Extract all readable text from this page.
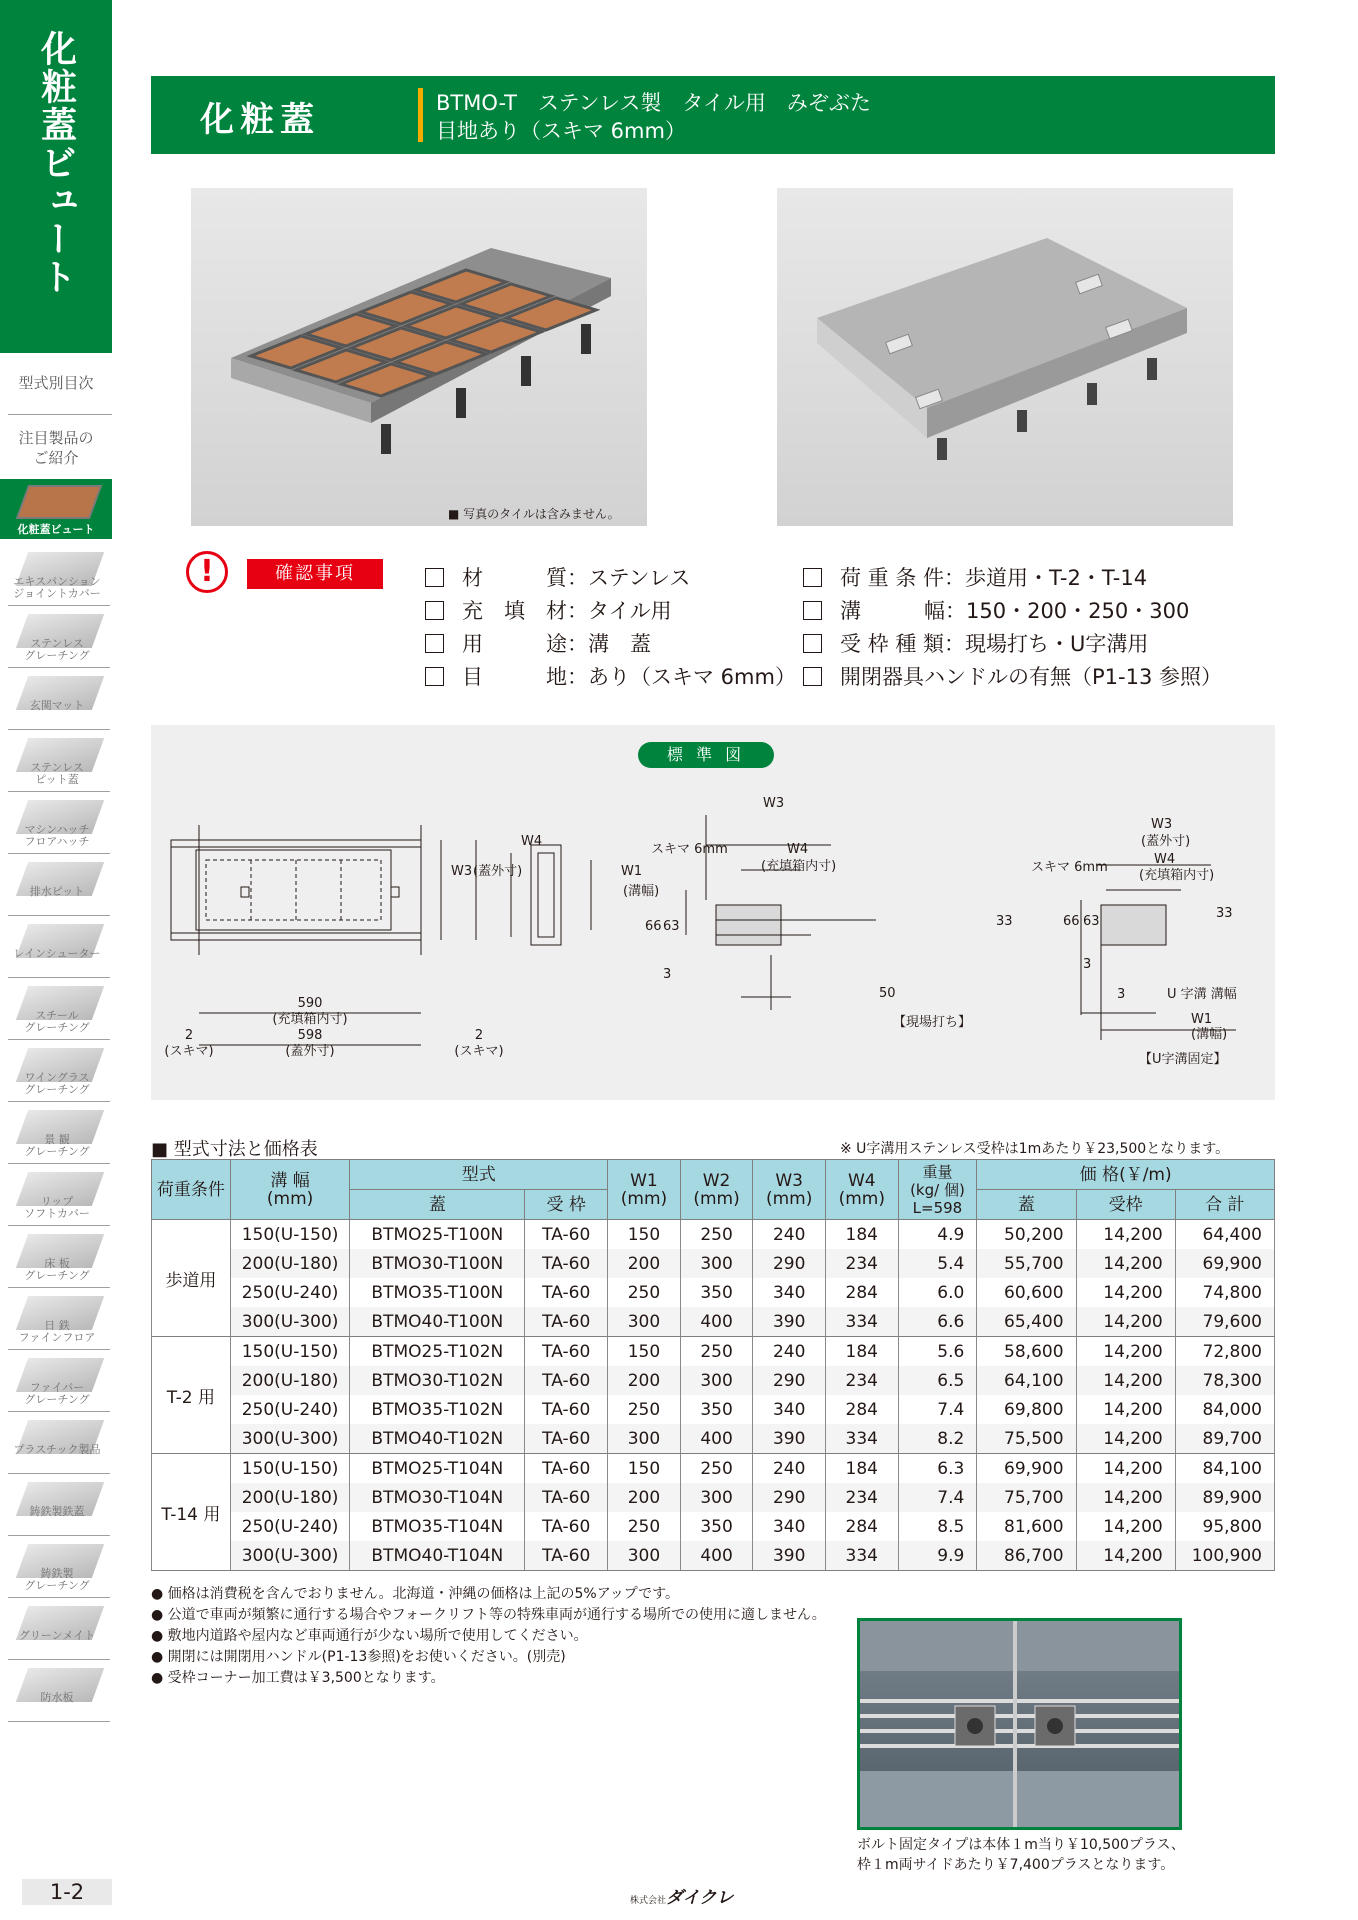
化粧蓋ビュート
型式別目次
注目製品の
ご紹介
化粧蓋ビュート
エキスパンション
ジョイントカバー
ステンレス
グレーチング
玄関マット
ステンレス
ピット蓋
マシンハッチ
フロアハッチ
排水ピット
レインシューター
スチール
グレーチング
ワイングラス
グレーチング
景 観
グレーチング
リップ
ソフトカバー
床 板
グレーチング
日 鉄
ファインフロア
ファイバー
グレーチング
プラスチック製品
鋳鉄製鉄蓋
鋳鉄製
グレーチング
グリーンメイト
防水板
化粧蓋	BTMO-T　ステンレス製　タイル用　みぞぶた
目地あり（スキマ 6mm）
■ 写真のタイルは含みません。
!	確認事項	材　　　質：ステンレス
充　填　材：タイル用
用　　　途：溝　蓋
目　　　地：あり（スキマ 6mm）
荷 重 条 件：歩道用・T-2・T-14
溝　　　幅：150・200・250・300
受 枠 種 類：現場打ち・U字溝用
開閉器具ハンドルの有無（P1-13 参照）
590
(充填箱内寸)
598
(蓋外寸)
2
(スキマ)
2
(スキマ)
W3 (蓋外寸)
W4
W1
(溝幅)
スキマ 6mm
W3
W4
(充填箱内寸)
66 63	33
3
50
【現場打ち】
スキマ 6mm
W3
(蓋外寸)
W4
(充填箱内寸)
66 63
33
3
3	U 字溝 溝幅
W1
(溝幅)
【U字溝固定】
標 準 図
■ 型式寸法と価格表	※ U字溝用ステンレス受枠は1mあたり￥23,500となります。
荷重条件	溝 幅
(mm)	型式		W1
(mm)	W2
(mm)	W3
(mm)	W4
(mm)	重量
(kg/ 個)
L=598	価 格(￥/m)		
		蓋	受 枠						蓋	受枠	合 計
歩道用	150(U-150)	BTMO25-T100N	TA-60	150	250	240	184	4.9	50,200	14,200	64,400
	200(U-180)	BTMO30-T100N	TA-60	200	300	290	234	5.4	55,700	14,200	69,900
	250(U-240)	BTMO35-T100N	TA-60	250	350	340	284	6.0	60,600	14,200	74,800
	300(U-300)	BTMO40-T100N	TA-60	300	400	390	334	6.6	65,400	14,200	79,600
T-2 用	150(U-150)	BTMO25-T102N	TA-60	150	250	240	184	5.6	58,600	14,200	72,800
	200(U-180)	BTMO30-T102N	TA-60	200	300	290	234	6.5	64,100	14,200	78,300
	250(U-240)	BTMO35-T102N	TA-60	250	350	340	284	7.4	69,800	14,200	84,000
	300(U-300)	BTMO40-T102N	TA-60	300	400	390	334	8.2	75,500	14,200	89,700
T-14 用	150(U-150)	BTMO25-T104N	TA-60	150	250	240	184	6.3	69,900	14,200	84,100
	200(U-180)	BTMO30-T104N	TA-60	200	300	290	234	7.4	75,700	14,200	89,900
	250(U-240)	BTMO35-T104N	TA-60	250	350	340	284	8.5	81,600	14,200	95,800
	300(U-300)	BTMO40-T104N	TA-60	300	400	390	334	9.9	86,700	14,200	100,900
● 価格は消費税を含んでおりません。北海道・沖縄の価格は上記の5%アップです。
● 公道で車両が頻繁に通行する場合やフォークリフト等の特殊車両が通行する場所での使用に適しません。
● 敷地内道路や屋内など車両通行が少ない場所で使用してください。
● 開閉には開閉用ハンドル(P1-13参照)をお使いください。(別売)
● 受枠コーナー加工費は￥3,500となります。
ボルト固定タイプは本体１m当り￥10,500プラス、
枠１m両サイドあたり￥7,400プラスとなります。
1-2	株式会社ダイクレ
